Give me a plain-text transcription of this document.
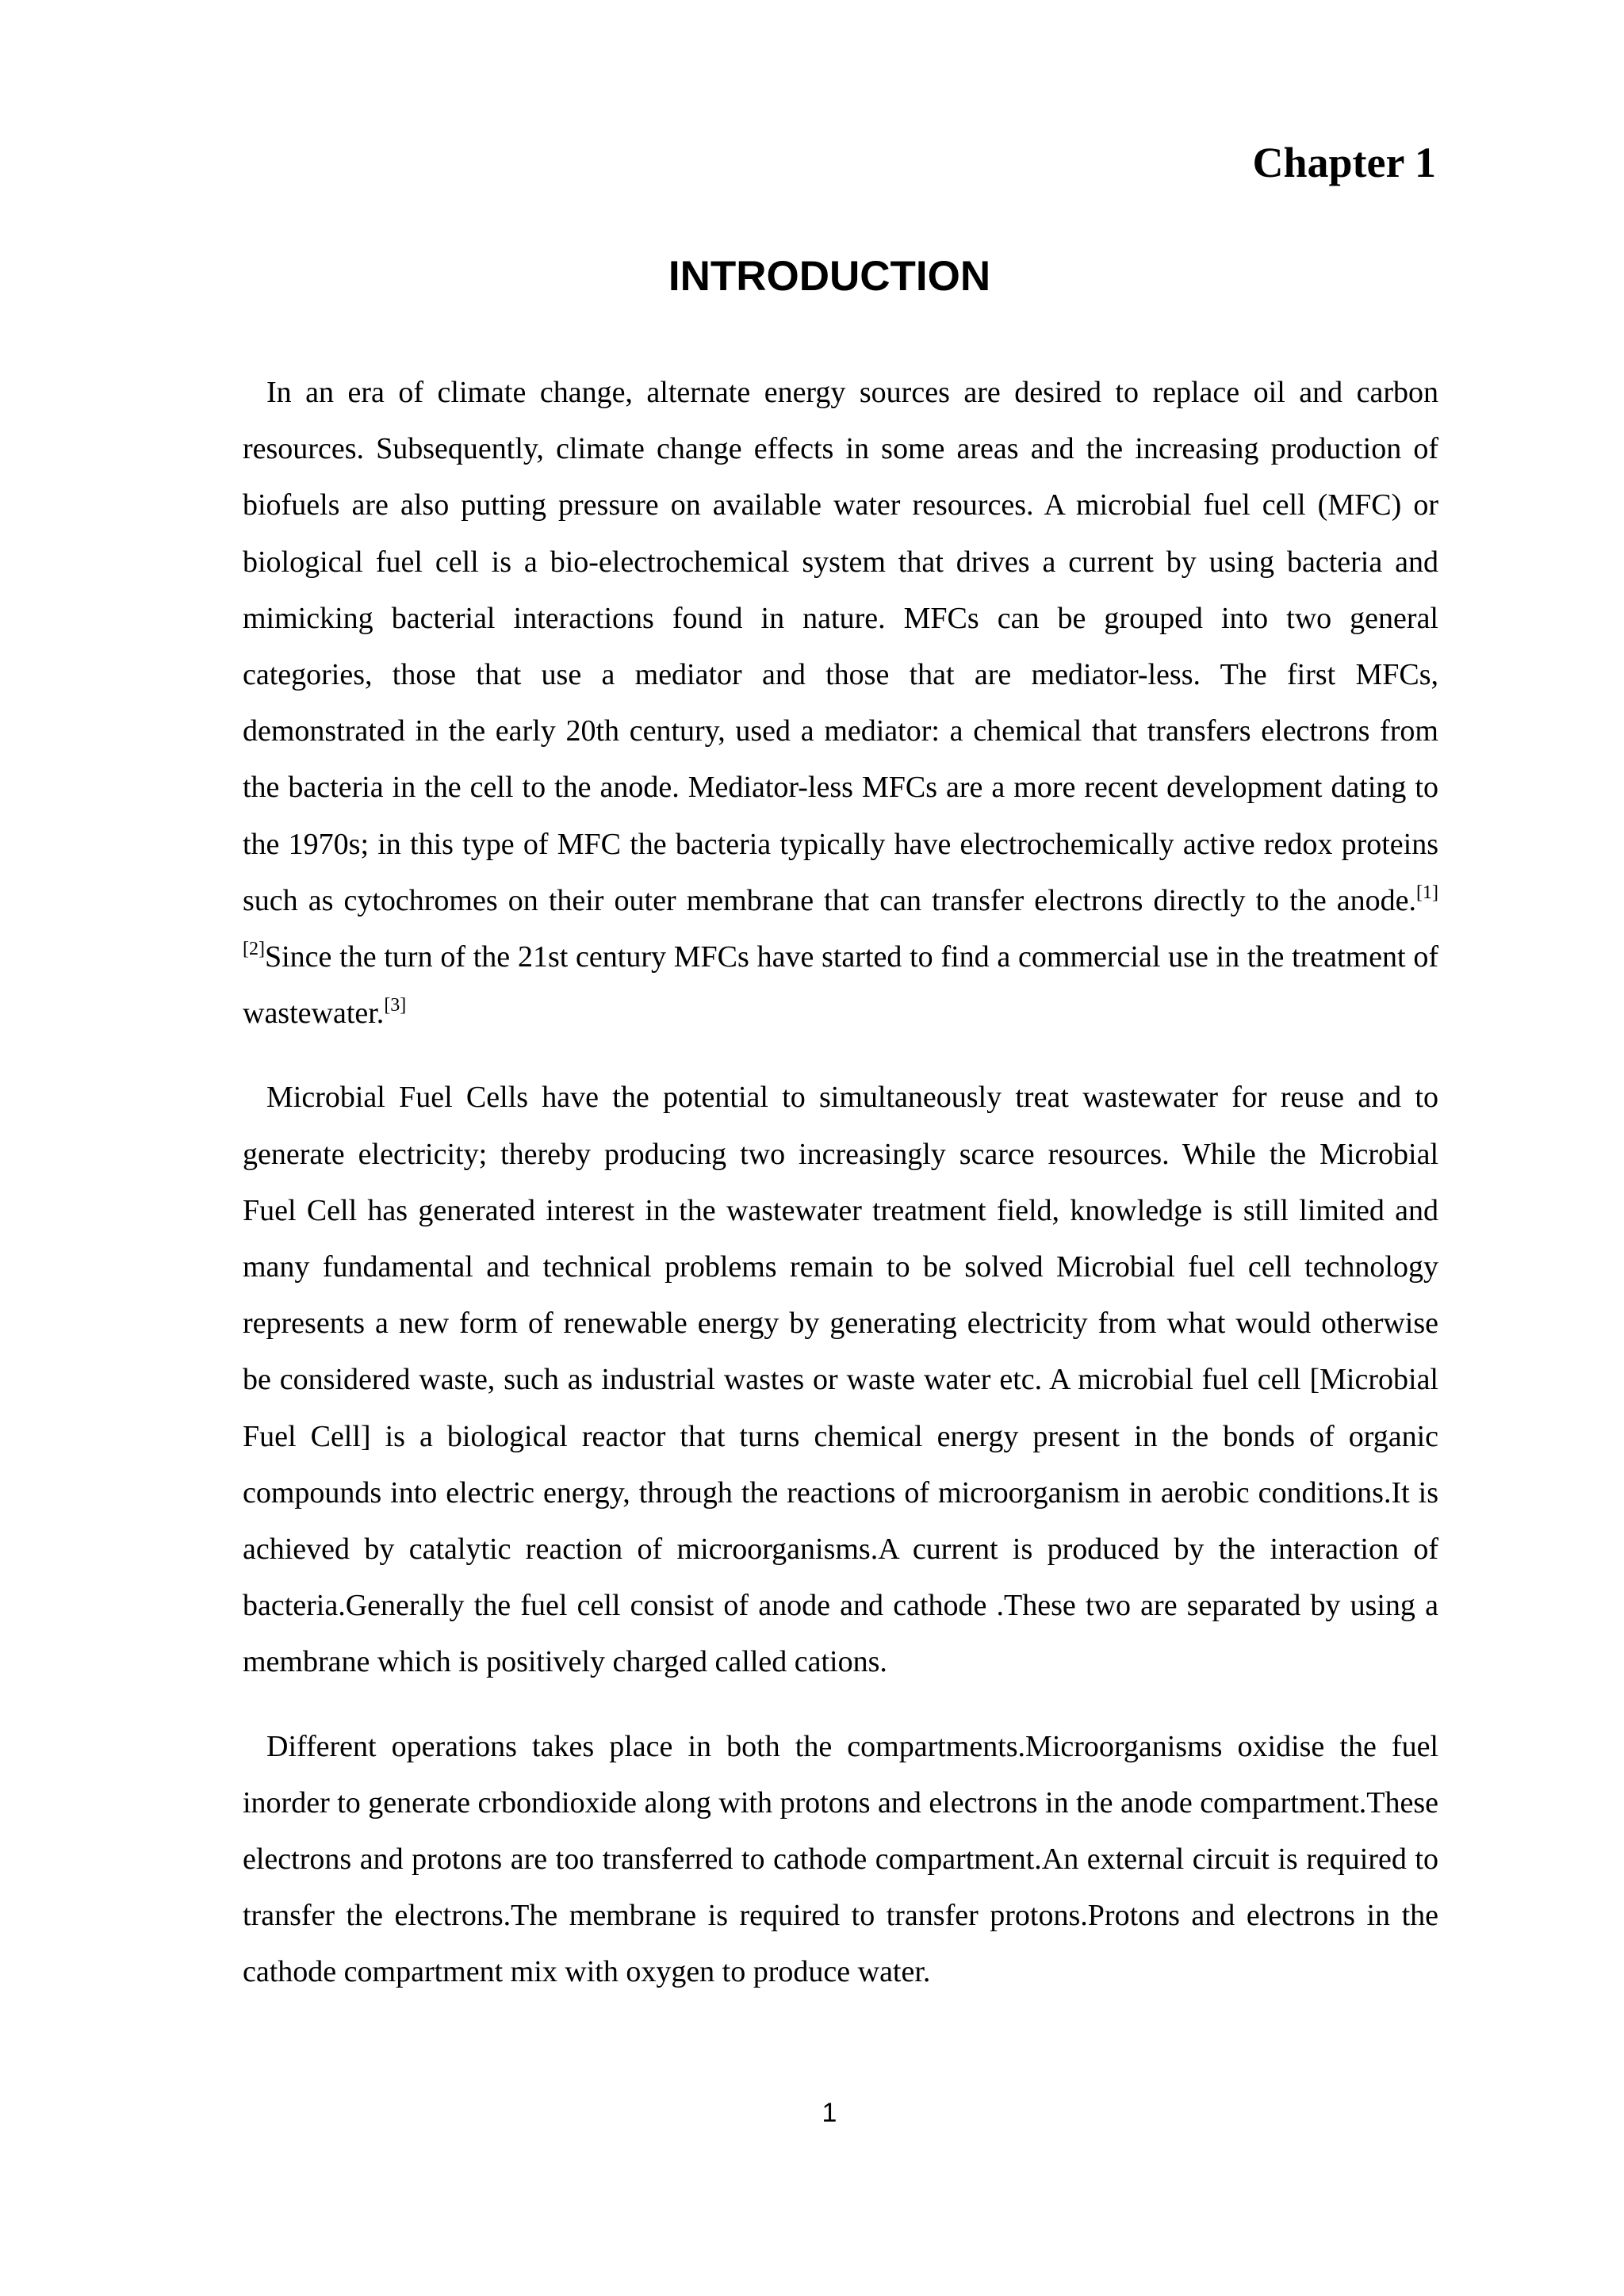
Chapter 1
INTRODUCTION

In an era of climate change, alternate energy sources are desired to replace oil and carbon resources. Subsequently, climate change effects in some areas and the increasing production of biofuels are also putting pressure on available water resources. A microbial fuel cell (MFC) or biological fuel cell is a bio-electrochemical system that drives a current by using bacteria and mimicking bacterial interactions found in nature. MFCs can be grouped into two general categories, those that use a mediator and those that are mediator-less. The first MFCs, demonstrated in the early 20th century, used a mediator: a chemical that transfers electrons from the bacteria in the cell to the anode. Mediator-less MFCs are a more recent development dating to the 1970s; in this type of MFC the bacteria typically have electrochemically active redox proteins such as cytochromes on their outer membrane that can transfer electrons directly to the anode.[1][2]Since the turn of the 21st century MFCs have started to find a commercial use in the treatment of wastewater.[3]

Microbial Fuel Cells have the potential to simultaneously treat wastewater for reuse and to generate electricity; thereby producing two increasingly scarce resources. While the Microbial Fuel Cell has generated interest in the wastewater treatment field, knowledge is still limited and many fundamental and technical problems remain to be solved Microbial fuel cell technology represents a new form of renewable energy by generating electricity from what would otherwise be considered waste, such as industrial wastes or waste water etc. A microbial fuel cell [Microbial Fuel Cell] is a biological reactor that turns chemical energy present in the bonds of organic compounds into electric energy, through the reactions of microorganism in aerobic conditions.It is achieved by catalytic reaction of microorganisms.A current is produced by the interaction of bacteria.Generally the fuel cell consist of anode and cathode .These two are separated by using a membrane which is positively charged called cations.

Different operations takes place in both the compartments.Microorganisms oxidise the fuel inorder to generate crbondioxide along with protons and electrons in the anode compartment.These electrons and protons are too transferred to cathode compartment.An external circuit is required to transfer the electrons.The membrane is required to transfer protons.Protons and electrons in the cathode compartment mix with oxygen to produce water.

1
